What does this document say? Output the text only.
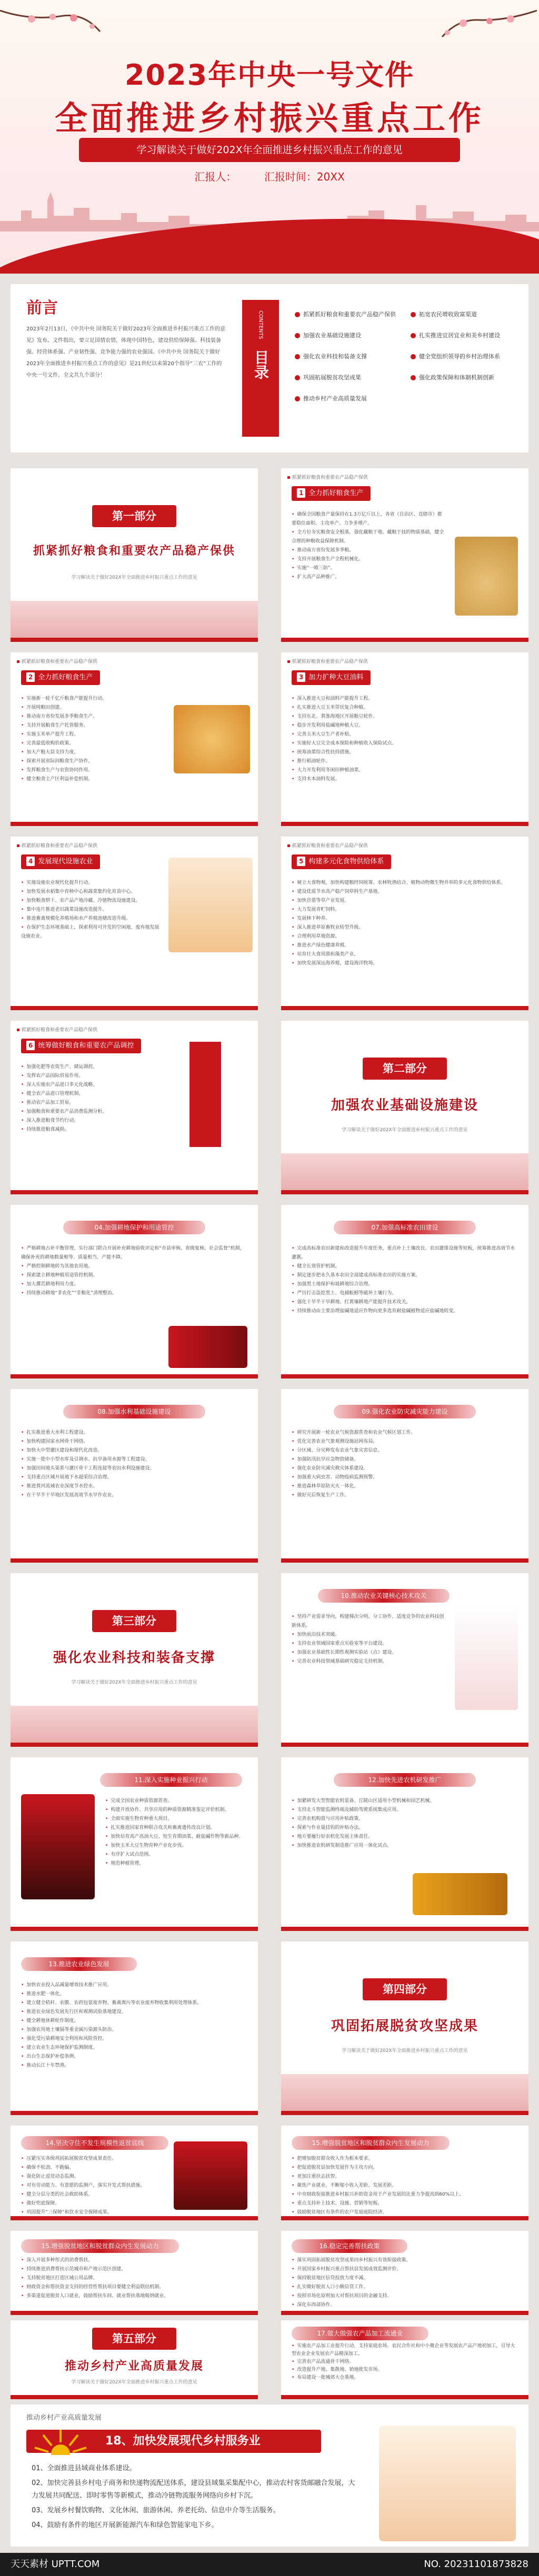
2023年中央一号文件
全面推进乡村振兴重点工作
学习解读关于做好202X年全面推进乡村振兴重点工作的意见
汇报人：	汇报时间：20XX
前言
2023年2月13日，《中共中央 国务院关于做好2023年全面推进乡村振兴重点工作的意见》发布。文件指出，要立足国情农情，体现中国特色，建设供给保障强、科技装备强、经营体系强、产业韧性强、竞争能力强的农业强国。《中共中央 国务院关于做好2023年全面推进乡村振兴重点工作的意见》是21世纪以来第20个指导“三农”工作的中央一号文件。全文共九个部分！
CONTENTS
目录
抓紧抓好粮食和重要农产品稳产保供
加强农业基础设施建设
强化农业科技和装备支撑
巩固拓展脱贫攻坚成果
推动乡村产业高质量发展
拓宽农民增收致富渠道
扎实推进宜居宜业和美乡村建设
健全党组织领导的乡村治理体系
强化政策保障和体制机制创新
第一部分
抓紧抓好粮食和重要农产品稳产保供
学习解读关于做好202X年全面推进乡村振兴重点工作的意见
抓紧抓好粮食和重要农产品稳产保供
1 全力抓好粮食生产
• 确保全国粮食产量保持在1.3万亿斤以上，各省（自治区、直辖市）都要稳住面积、主攻单产、力争多增产。
• 全方位夯实粮食安全根基，强化藏粮于地、藏粮于技的物质基础，健全合理的种粮收益保障机制。
• 推动南方省份发展多季粮。
• 支持开展粮食生产全程机械化。
• 实施“一喷三防”。
• 扩大高产品种推广。
抓紧抓好粮食和重要农产品稳产保供
2 全力抓好粮食生产
• 实施新一轮千亿斤粮食产能提升行动。
• 开展吨粮田创建。
• 推动南方省份发展多季粮食生产。
• 支持开展粮食生产托管服务。
• 实施玉米单产提升工程。
• 完善最低收购价政策。
• 加大产粮大县支持力度。
• 探索开展省际间粮食生产协作。
• 发挥粮食生产与农资协同作用。
• 健全粮食主产区利益补偿机制。
抓紧抓好粮食和重要农产品稳产保供
3 加力扩种大豆油料
• 深入推进大豆和油料产能提升工程。
• 扎实推进大豆玉米带状复合种植。
• 支持东北、黄淮海地区开展粮豆轮作。
• 稳步开发利用盐碱地种植大豆。
• 完善玉米大豆生产者补贴。
• 实施好大豆完全成本保险和种植收入保险试点。
• 统筹油菜综合性扶持措施。
• 推行稻油轮作。
• 大力开发利用冬闲田种植油菜。
• 支持木本油料发展。
抓紧抓好粮食和重要农产品稳产保供
4 发展现代设施农业
• 实施设施农业现代化提升行动。
• 加快发展水稻集中育秧中心和蔬菜集约化育苗中心。
• 加快粮食烘干、农产品产地冷藏、冷链物流设施建设。
• 集中连片推进老旧蔬菜设施改造提升。
• 推进畜禽规模化养殖场和水产养殖池塘改造升级。
• 在保护生态环境基础上，探索利用可开发的空闲地、废弃地发展设施农业。
抓紧抓好粮食和重要农产品稳产保供
5 构建多元化食物供给体系
• 树立大食物观，加快构建粮经饲统筹、农林牧渔结合、植物动物微生物并举的多元化食物供给体系。
• 建设优质节水高产稳产饲草料生产基地。
• 加快苜蓿等草产业发展。
• 大力发展青贮饲料。
• 发展林下种养。
• 深入推进草原畜牧业转型升级。
• 合理利用草地资源。
• 推进水产绿色健康养殖。
• 培育壮大食用菌和藻类产业。
• 加快发展深远海养殖，建设海洋牧场。
抓紧抓好粮食和重要农产品稳产保供
6 统筹做好粮食和重要农产品调控
• 加强化肥等农资生产、储运调控。
• 发挥农产品国际贸易作用。
• 深入实施农产品进口多元化战略。
• 健全农产品进口管理机制。
• 推动农产品加工贸易。
• 加强粮食和重要农产品消费监测分析。
• 深入推进粮食节约行动。
• 持续推进粮食减损。
第二部分
加强农业基础设施建设
学习解读关于做好202X年全面推进乡村振兴重点工作的意见
04.加强耕地保护和用途管控
• 严格耕地占补平衡管理，实行部门联合开展补充耕地验收评定和“市县审核、省级复核、社会监督”机制，确保补充的耕地数量相等、质量相当、产能不降。
• 严格控制耕地转为其他农用地。
• 探索建立耕地种植用途管控机制。
• 加大撂荒耕地利用力度。
• 持续推动耕地“非农化”“非粮化”清理整治。
07.加强高标准农田建设
• 完成高标准农田新建和改造提升年度任务，重点补上土壤改良、农田灌排设施等短板，统筹推进高效节水灌溉。
• 健全长效管护机制。
• 制定逐步把永久基本农田全部建成高标准农田的实施方案。
• 加强黑土地保护和坡耕地综合治理。
• 严厉打击盗挖黑土、电捕蚯蚓等破坏土壤行为。
• 强化干旱半干旱耕地、红黄壤耕地产能提升技术攻关。
• 持续推动由主要治理盐碱地适应作物向更多选育耐盐碱植物适应盐碱地转变。
08.加强水利基础设施建设
• 扎实推进重大水利工程建设。
• 加快构建国家水网骨干网络。
• 加快大中型灌区建设和现代化改造。
• 实施一批中小型水库及引调水、抗旱备用水源等工程建设。
• 加强田间地头渠系与灌区骨干工程连接等农田水利设施建设。
• 支持重点区域开展地下水超采综合治理。
• 推进黄河流域农业深度节水控水。
• 在干旱半干旱地区发展高效节水旱作农业。
09.强化农业防灾减灾能力建设
• 研究开展新一轮农业气候资源普查和农业气候区划工作。
• 优化完善农业气象观测设施站网布局。
• 分区域、分灾种发布农业气象灾害信息。
• 加强防汛抗旱应急物资储备。
• 强化农业防灾减灾救灾体系建设。
• 加强重大病虫害、动物疫病监测预警。
• 推进森林草原防灭火一体化。
• 做好灾后恢复生产工作。
第三部分
强化农业科技和装备支撑
学习解读关于做好202X年全面推进乡村振兴重点工作的意见
10.推动农业关键核心技术攻关
• 坚持产业需求导向，构建梯次分明、分工协作、适度竞争的农业科技创新体系。
• 加快前沿技术突破。
• 支持农业领域国家重点实验室等平台建设。
• 加强农业基础性长期性观测实验站（点）建设。
• 完善农业科技领域基础研究稳定支持机制。
11.深入实施种业振兴行动
• 完成全国农业种质资源普查。
• 构建开放协作、共享应用的种质资源精准鉴定评价机制。
• 全面实施生物育种重大项目。
• 扎实推进国家育种联合攻关和畜禽遗传改良计划。
• 加快培育高产高油大豆、短生育期油菜、耐盐碱作物等新品种。
• 加快玉米大豆生物育种产业化步伐。
• 有序扩大试点范围。
• 规范种植管理。
12.加快先进农机研发推广
• 加紧研发大型智能农机装备、丘陵山区适用小型机械和园艺机械。
• 支持北斗智能监测终端及辅助驾驶系统集成应用。
• 完善农机购置与应用补贴政策。
• 探索与作业量挂钩的补贴办法。
• 地方要履行好农机化发展主体责任。
• 加快推进农机研发制造推广应用一体化试点。
13.推进农业绿色发展
• 加快农业投入品减量增效技术推广应用。
• 推进水肥一体化。
• 建立健全秸秆、农膜、农药包装废弃物、畜禽粪污等农业废弃物收集利用处理体系。
• 推进农业绿色发展先行区和观测试验基地建设。
• 健全耕地休耕轮作制度。
• 加强农用地土壤镉等重金属污染源头防治。
• 强化受污染耕地安全利用和风险管控。
• 建立农业生态环境保护监测制度。
• 出台生态保护补偿条例。
• 推动长江十年禁渔。
第四部分
巩固拓展脱贫攻坚成果
学习解读关于做好202X年全面推进乡村振兴重点工作的意见
14.坚决守住不发生规模性返贫底线
• 压紧压实各级巩固拓展脱贫攻坚成果责任。
• 确保不松劲、不跑偏。
• 强化防止返贫动态监测。
• 对有劳动能力、有意愿的监测户，落实开发式帮扶措施。
• 健全分层分类的社会救助体系。
• 做好兜底保障。
• 巩固提升“三保障”和饮水安全保障成果。
15.增强脱贫地区和脱贫群众内生发展动力
• 把增加脱贫群众收入作为根本要求。
• 把促进脱贫县加快发展作为主攻方向。
• 更加注重扶志扶智。
• 聚焦产业就业，不断缩小收入差距、发展差距。
• 中央财政衔接推进乡村振兴补助资金用于产业发展的比重力争提高到60%以上。
• 重点支持补上技术、设施、营销等短板。
• 鼓励脱贫地区有条件的农户发展庭院经济。
15.增强脱贫地区和脱贫群众内生发展动力
• 深入开展多种形式的消费帮扶。
• 持续推进消费帮扶示范城市和产地示范区创建。
• 支持脱贫地区打造区域公用品牌。
• 财政资金和帮扶资金支持的经营性帮扶项目要健全利益联结机制。
• 多渠道促进脱贫人口就业，鼓励帮扶车间、就业帮扶基地吸纳就业。
16.稳定完善帮扶政策
• 落实巩固拓展脱贫攻坚成果同乡村振兴有效衔接政策。
• 开展国家乡村振兴重点帮扶县发展成效监测评价。
• 保持脱贫地区信贷投放力度不减。
• 扎实做好脱贫人口小额信贷工作。
• 按照市场化原则加大对帮扶项目的金融支持。
• 深化东西部协作。
•
第五部分
推动乡村产业高质量发展
学习解读关于做好202X年全面推进乡村振兴重点工作的意见
17.做大做强农产品加工流通业
• 实施农产品加工业提升行动，支持家庭农场、农民合作社和中小微企业等发展农产品产地初加工，引导大型农业企业发展农产品精深加工。
• 完善农产品流通骨干网络。
• 改造提升产地、集散地、销地批发市场。
• 布局建设一批城郊大仓基地。
推动乡村产业高质量发展
18、加快发展现代乡村服务业
01、全面推进县域商业体系建设。
02、加快完善县乡村电子商务和快递物流配送体系，建设县域集采集配中心，推动农村客货邮融合发展，大力发展共同配送、即时零售等新模式，推动冷链物流服务网络向乡村下沉。
03、发展乡村餐饮购物、文化休闲、旅游休闲、养老托幼、信息中介等生活服务。
04、鼓励有条件的地区开展新能源汽车和绿色智能家电下乡。
天天素材 UPTT.COM	NO. 20231101873828
